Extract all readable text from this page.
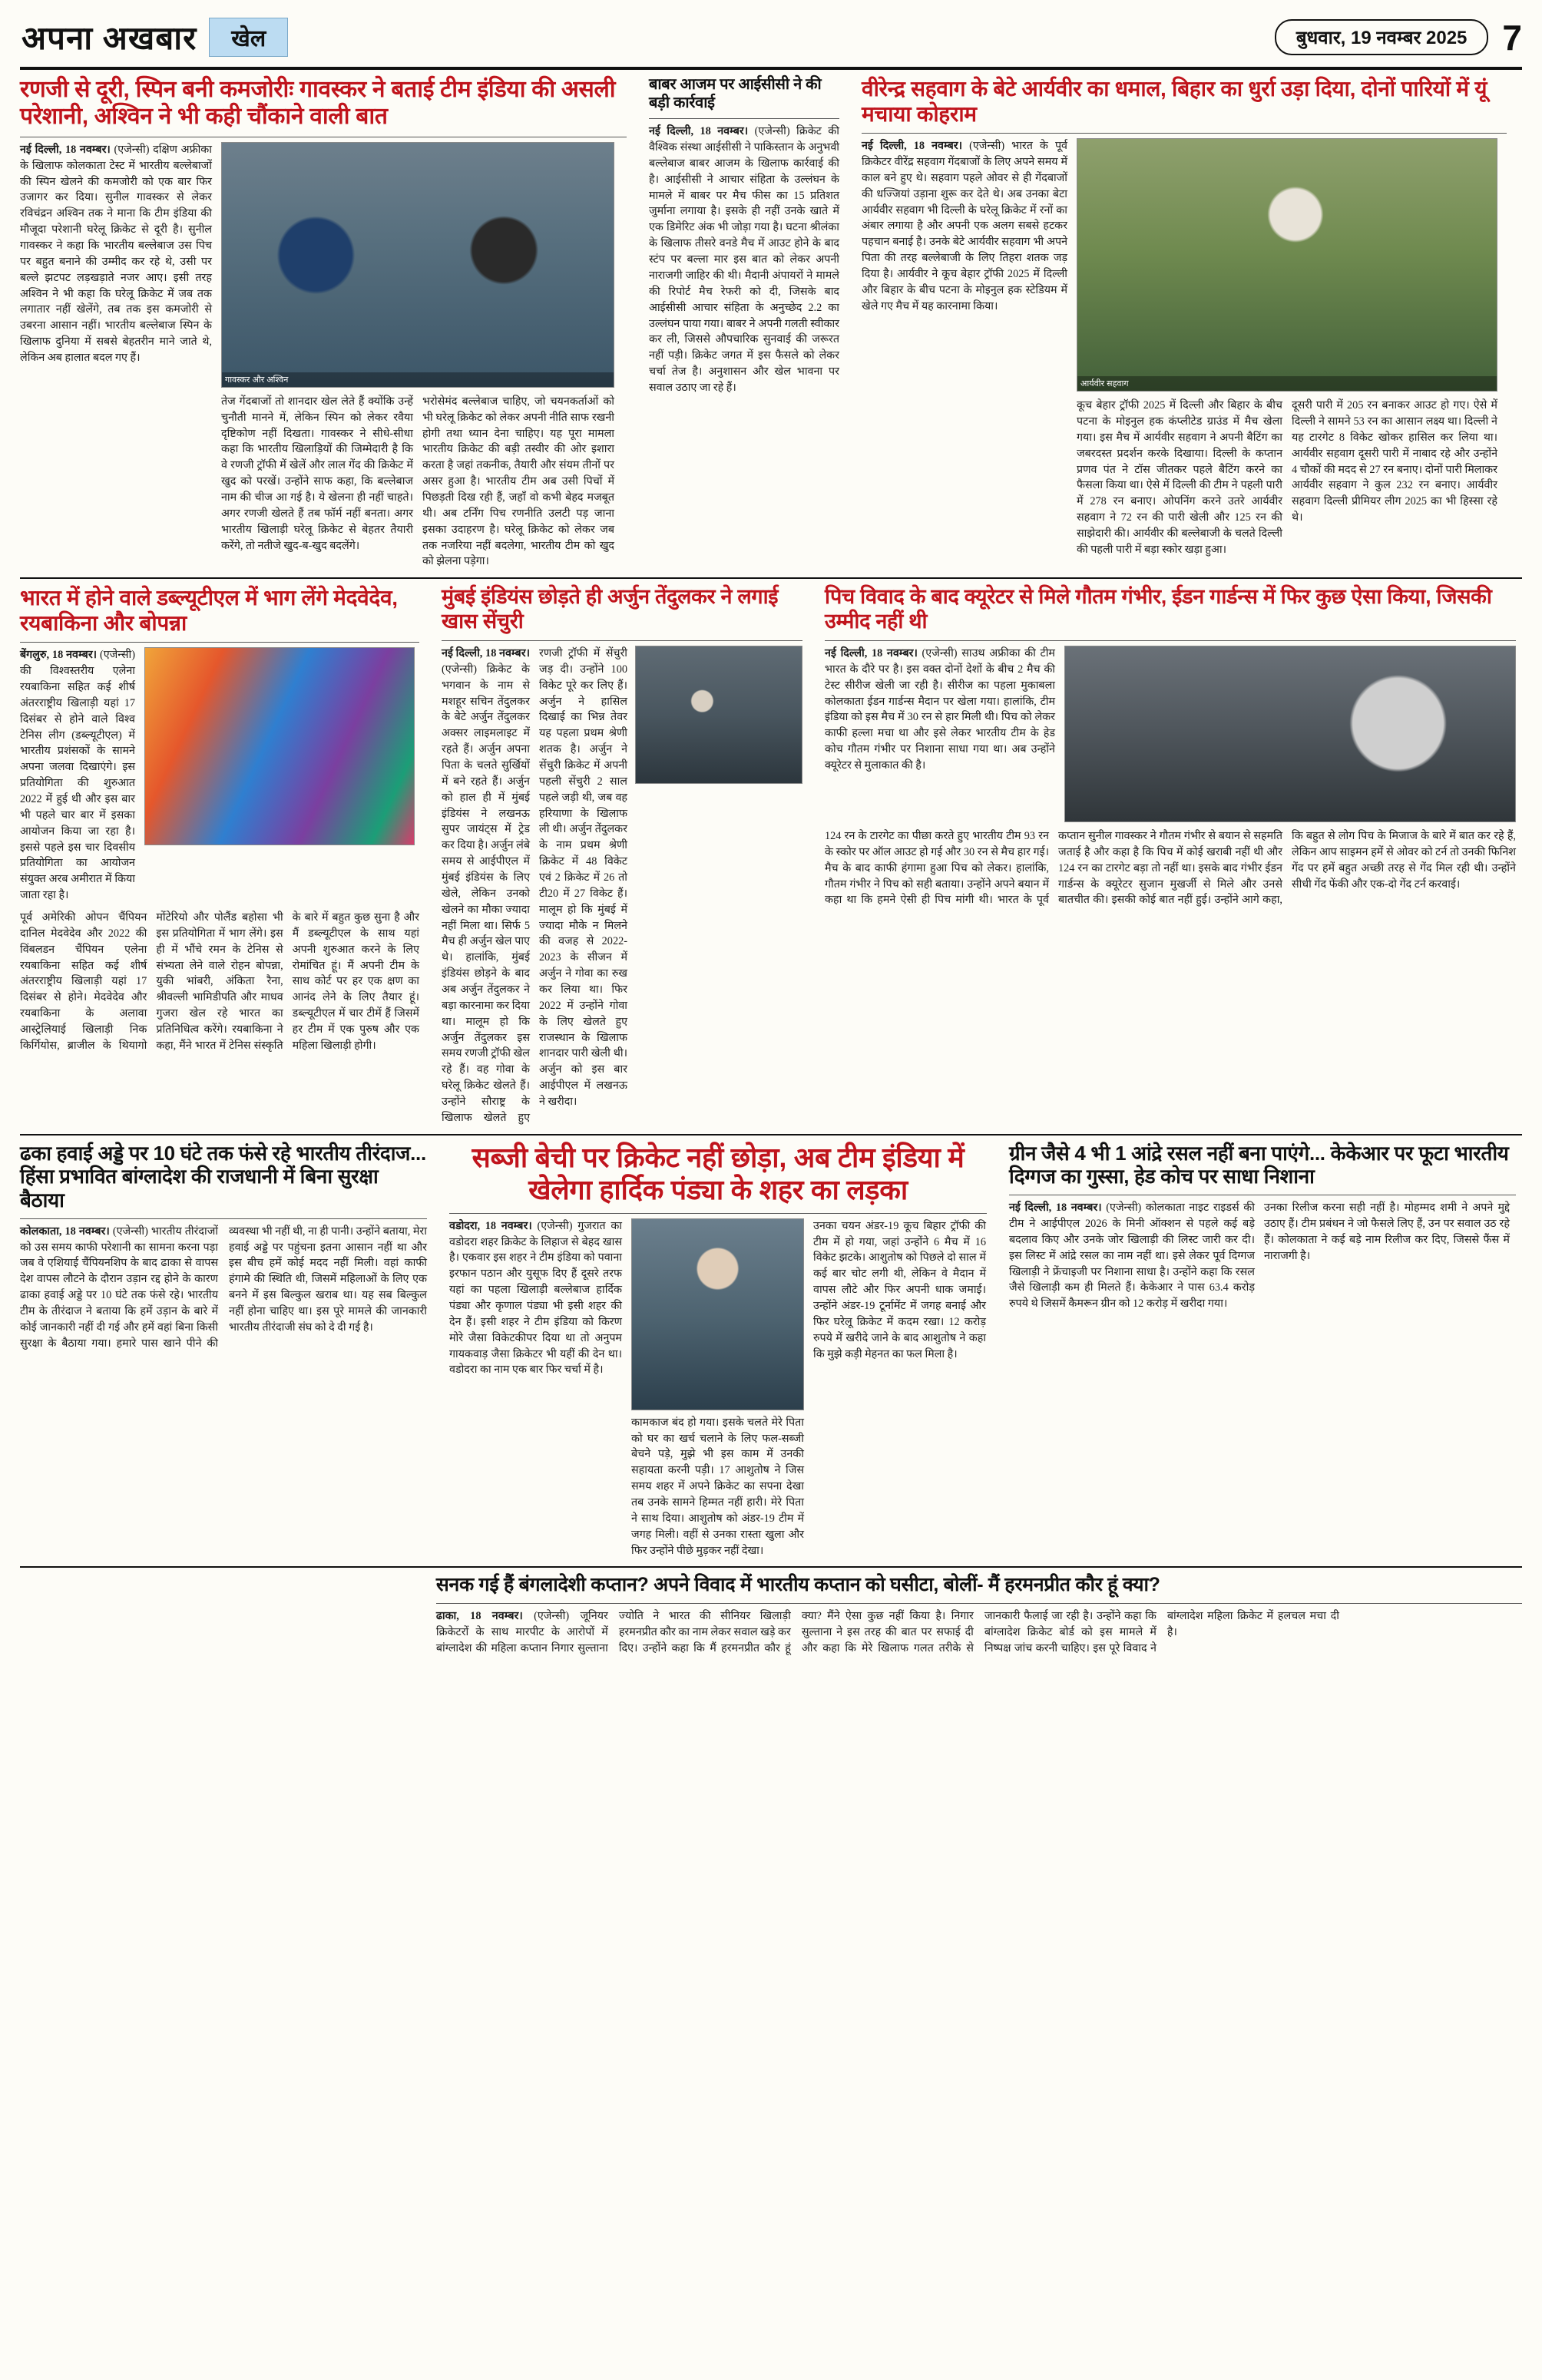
अपना अखबार	खेल	बुधवार, 19 नवम्बर 2025	7
रणजी से दूरी, स्पिन बनी कमजोरीः गावस्कर ने बताई टीम इंडिया की असली परेशानी, अश्विन ने भी कही चौंकाने वाली बात
नई दिल्ली, 18 नवम्बर। (एजेन्सी) दक्षिण अफ्रीका के खिलाफ कोलकाता टेस्ट में भारतीय बल्लेबाजों की स्पिन खेलने की कमजोरी को एक बार फिर उजागर कर दिया। सुनील गावस्कर से लेकर रविचंद्रन अश्विन तक ने माना कि टीम इंडिया की मौजूदा परेशानी घरेलू क्रिकेट से दूरी है। सुनील गावस्कर ने कहा कि भारतीय बल्लेबाज उस पिच पर बहुत बनाने की उम्मीद कर रहे थे, उसी पर बल्ले झटपट लड़खड़ाते नजर आए। इसी तरह अश्विन ने भी कहा कि घरेलू क्रिकेट में जब तक लगातार नहीं खेलेंगे, तब तक इस कमजोरी से उबरना आसान नहीं। भारतीय बल्लेबाज स्पिन के खिलाफ दुनिया में सबसे बेहतरीन माने जाते थे, लेकिन अब हालात बदल गए हैं।
गावस्कर और अश्विन
तेज गेंदबाजों तो शानदार खेल लेते हैं क्योंकि उन्हें चुनौती मानने में, लेकिन स्पिन को लेकर रवैया दृष्टिकोण नहीं दिखता। गावस्कर ने सीधे-सीधा कहा कि भारतीय खिलाड़ियों की जिम्मेदारी है कि वे रणजी ट्रॉफी में खेलें और लाल गेंद की क्रिकेट में खुद को परखें। उन्होंने साफ कहा, कि बल्लेबाज नाम की चीज आ गई है। ये खेलना ही नहीं चाहते। अगर रणजी खेलते हैं तब फॉर्म नहीं बनता। अगर भारतीय खिलाड़ी घरेलू क्रिकेट से बेहतर तैयारी करेंगे, तो नतीजे खुद-ब-खुद बदलेंगे।
भरोसेमंद बल्लेबाज चाहिए, जो चयनकर्ताओं को भी घरेलू क्रिकेट को लेकर अपनी नीति साफ रखनी होगी तथा ध्यान देना चाहिए। यह पूरा मामला भारतीय क्रिकेट की बड़ी तस्वीर की ओर इशारा करता है जहां तकनीक, तैयारी और संयम तीनों पर असर हुआ है। भारतीय टीम अब उसी पिचों में पिछड़ती दिख रही हैं, जहाँ वो कभी बेहद मजबूत थी। अब टर्निंग पिच रणनीति उलटी पड़ जाना इसका उदाहरण है। घरेलू क्रिकेट को लेकर जब तक नजरिया नहीं बदलेगा, भारतीय टीम को खुद को झेलना पड़ेगा।
बाबर आजम पर आईसीसी ने की बड़ी कार्रवाई
नई दिल्ली, 18 नवम्बर। (एजेन्सी) क्रिकेट की वैश्विक संस्था आईसीसी ने पाकिस्तान के अनुभवी बल्लेबाज बाबर आजम के खिलाफ कार्रवाई की है। आईसीसी ने आचार संहिता के उल्लंघन के मामले में बाबर पर मैच फीस का 15 प्रतिशत जुर्माना लगाया है। इसके ही नहीं उनके खाते में एक डिमेरिट अंक भी जोड़ा गया है। घटना श्रीलंका के खिलाफ तीसरे वनडे मैच में आउट होने के बाद स्टंप पर बल्ला मार इस बात को लेकर अपनी नाराजगी जाहिर की थी। मैदानी अंपायरों ने मामले की रिपोर्ट मैच रेफरी को दी, जिसके बाद आईसीसी आचार संहिता के अनुच्छेद 2.2 का उल्लंघन पाया गया। बाबर ने अपनी गलती स्वीकार कर ली, जिससे औपचारिक सुनवाई की जरूरत नहीं पड़ी। क्रिकेट जगत में इस फैसले को लेकर चर्चा तेज है। अनुशासन और खेल भावना पर सवाल उठाए जा रहे हैं।
वीरेन्द्र सहवाग के बेटे आर्यवीर का धमाल, बिहार का धुर्रा उड़ा दिया, दोनों पारियों में यूं मचाया कोहराम
नई दिल्ली, 18 नवम्बर। (एजेन्सी) भारत के पूर्व क्रिकेटर वीरेंद्र सहवाग गेंदबाजों के लिए अपने समय में काल बने हुए थे। सहवाग पहले ओवर से ही गेंदबाजों की धज्जियां उड़ाना शुरू कर देते थे। अब उनका बेटा आर्यवीर सहवाग भी दिल्ली के घरेलू क्रिकेट में रनों का अंबार लगाया है और अपनी एक अलग सबसे हटकर पहचान बनाई है। उनके बेटे आर्यवीर सहवाग भी अपने पिता की तरह बल्लेबाजी के लिए तिहरा शतक जड़ दिया है। आर्यवीर ने कूच बेहार ट्रॉफी 2025 में दिल्ली और बिहार के बीच पटना के मोइनुल हक स्टेडियम में खेले गए मैच में यह कारनामा किया।
आर्यवीर सहवाग
कूच बेहार ट्रॉफी 2025 में दिल्ली और बिहार के बीच पटना के मोइनुल हक कंप्लीटेड ग्राउंड में मैच खेला गया। इस मैच में आर्यवीर सहवाग ने अपनी बैटिंग का जबरदस्त प्रदर्शन करके दिखाया। दिल्ली के कप्तान प्रणव पंत ने टॉस जीतकर पहले बैटिंग करने का फैसला किया था। ऐसे में दिल्ली की टीम ने पहली पारी में 278 रन बनाए। ओपनिंग करने उतरे आर्यवीर सहवाग ने 72 रन की पारी खेली और 125 रन की साझेदारी की। आर्यवीर की बल्लेबाजी के चलते दिल्ली की पहली पारी में बड़ा स्कोर खड़ा हुआ।
दूसरी पारी में 205 रन बनाकर आउट हो गए। ऐसे में दिल्ली ने सामने 53 रन का आसान लक्ष्य था। दिल्ली ने यह टारगेट 8 विकेट खोकर हासिल कर लिया था। आर्यवीर सहवाग दूसरी पारी में नाबाद रहे और उन्होंने 4 चौकों की मदद से 27 रन बनाए। दोनों पारी मिलाकर आर्यवीर सहवाग ने कुल 232 रन बनाए। आर्यवीर सहवाग दिल्ली प्रीमियर लीग 2025 का भी हिस्सा रहे थे।
भारत में होने वाले डब्ल्यूटीएल में भाग लेंगे मेदवेदेव, रयबाकिना और बोपन्ना
बेंगलुरु, 18 नवम्बर। (एजेन्सी) की विश्वस्तरीय एलेना रयबाकिना सहित कई शीर्ष अंतरराष्ट्रीय खिलाड़ी यहां 17 दिसंबर से होने वाले विश्व टेनिस लीग (डब्ल्यूटीएल) में भारतीय प्रशंसकों के सामने अपना जलवा दिखाएंगे। इस प्रतियोगिता की शुरुआत 2022 में हुई थी और इस बार भी पहले चार बार में इसका आयोजन किया जा रहा है। इससे पहले इस चार दिवसीय प्रतियोगिता का आयोजन संयुक्त अरब अमीरात में किया जाता रहा है।
पूर्व अमेरिकी ओपन चैंपियन दानिल मेदवेदेव और 2022 की विंबलडन चैंपियन एलेना रयबाकिना सहित कई शीर्ष अंतरराष्ट्रीय खिलाड़ी यहां 17 दिसंबर से होने। मेदवेदेव और रयबाकिना के अलावा आस्ट्रेलियाई खिलाड़ी निक किर्गियोस, ब्राजील के थियागो मोंटेरियो और पोलैंड बहोसा भी इस प्रतियोगिता में भाग लेंगे। इस ही में भौंचे रमन के टेनिस से संभ्यता लेने वाले रोहन बोपन्ना, युकी भांबरी, अंकिता रैना, श्रीवल्ली भामिडीपति और माधव गुजरा खेल रहे भारत का प्रतिनिधित्व करेंगे। रयबाकिना ने कहा, मैंने भारत में टेनिस संस्कृति के बारे में बहुत कुछ सुना है और मैं डब्ल्यूटीएल के साथ यहां अपनी शुरुआत करने के लिए रोमांचित हूं। मैं अपनी टीम के साथ कोर्ट पर हर एक क्षण का आनंद लेने के लिए तैयार हूं। डब्ल्यूटीएल में चार टीमें हैं जिसमें हर टीम में एक पुरुष और एक महिला खिलाड़ी होगी।
मुंबई इंडियंस छोड़ते ही अर्जुन तेंदुलकर ने लगाई खास सेंचुरी
नई दिल्ली, 18 नवम्बर। (एजेन्सी) क्रिकेट के भगवान के नाम से मशहूर सचिन तेंदुलकर के बेटे अर्जुन तेंदुलकर अक्सर लाइमलाइट में रहते हैं। अर्जुन अपना पिता के चलते सुर्खियों में बने रहते हैं। अर्जुन को हाल ही में मुंबई इंडियंस ने लखनऊ सुपर जायंट्स में ट्रेड कर दिया है। अर्जुन लंबे समय से आईपीएल में मुंबई इंडियंस के लिए खेले, लेकिन उनको खेलने का मौका ज्यादा नहीं मिला था। सिर्फ 5 मैच ही अर्जुन खेल पाए थे। हालांकि, मुंबई इंडियंस छोड़ने के बाद अब अर्जुन तेंदुलकर ने बड़ा कारनामा कर दिया था। मालूम हो कि अर्जुन तेंदुलकर इस समय रणजी ट्रॉफी खेल रहे हैं। वह गोवा के घरेलू क्रिकेट खेलते हैं। उन्होंने सौराष्ट्र के खिलाफ खेलते हुए रणजी ट्रॉफी में सेंचुरी जड़ दी। उन्होंने 100 विकेट पूरे कर लिए हैं। अर्जुन ने हासिल दिखाई का भिन्न तेवर यह पहला प्रथम श्रेणी शतक है। अर्जुन ने सेंचुरी क्रिकेट में अपनी पहली सेंचुरी 2 साल पहले जड़ी थी, जब वह हरियाणा के खिलाफ ली थी। अर्जुन तेंदुलकर के नाम प्रथम श्रेणी क्रिकेट में 48 विकेट एवं 2 क्रिकेट में 26 तो टी20 में 27 विकेट हैं। मालूम हो कि मुंबई में ज्यादा मौके न मिलने की वजह से 2022-2023 के सीजन में अर्जुन ने गोवा का रुख कर लिया था। फिर 2022 में उन्होंने गोवा के लिए खेलते हुए राजस्थान के खिलाफ शानदार पारी खेली थी। अर्जुन को इस बार आईपीएल में लखनऊ ने खरीदा।
पिच विवाद के बाद क्यूरेटर से मिले गौतम गंभीर, ईडन गार्डन्स में फिर कुछ ऐसा किया, जिसकी उम्मीद नहीं थी
नई दिल्ली, 18 नवम्बर। (एजेन्सी) साउथ अफ्रीका की टीम भारत के दौरे पर है। इस वक्त दोनों देशों के बीच 2 मैच की टेस्ट सीरीज खेली जा रही है। सीरीज का पहला मुकाबला कोलकाता ईडन गार्डन्स मैदान पर खेला गया। हालांकि, टीम इंडिया को इस मैच में 30 रन से हार मिली थी। पिच को लेकर काफी हल्ला मचा था और इसे लेकर भारतीय टीम के हेड कोच गौतम गंभीर पर निशाना साधा गया था। अब उन्होंने क्यूरेटर से मुलाकात की है।
124 रन के टारगेट का पीछा करते हुए भारतीय टीम 93 रन के स्कोर पर ऑल आउट हो गई और 30 रन से मैच हार गई। मैच के बाद काफी हंगामा हुआ पिच को लेकर। हालांकि, गौतम गंभीर ने पिच को सही बताया। उन्होंने अपने बयान में कहा था कि हमने ऐसी ही पिच मांगी थी। भारत के पूर्व कप्तान सुनील गावस्कर ने गौतम गंभीर से बयान से सहमति जताई है और कहा है कि पिच में कोई खराबी नहीं थी और 124 रन का टारगेट बड़ा तो नहीं था। इसके बाद गंभीर ईडन गार्डन्स के क्यूरेटर सुजान मुखर्जी से मिले और उनसे बातचीत की। इसकी कोई बात नहीं हुई। उन्होंने आगे कहा, कि बहुत से लोग पिच के मिजाज के बारे में बात कर रहे हैं, लेकिन आप साइमन हमें से ओवर को टर्न तो उनकी फिनिश गेंद पर हमें बहुत अच्छी तरह से गेंद मिल रही थी। उन्होंने सीधी गेंद फेंकी और एक-दो गेंद टर्न करवाई।
ढका हवाई अड्डे पर 10 घंटे तक फंसे रहे भारतीय तीरंदाज... हिंसा प्रभावित बांग्लादेश की राजधानी में बिना सुरक्षा बैठाया
कोलकाता, 18 नवम्बर। (एजेन्सी) भारतीय तीरंदाजों को उस समय काफी परेशानी का सामना करना पड़ा जब वे एशियाई चैंपियनशिप के बाद ढाका से वापस देश वापस लौटने के दौरान उड़ान रद्द होने के कारण ढाका हवाई अड्डे पर 10 घंटे तक फंसे रहे। भारतीय टीम के तीरंदाज ने बताया कि हमें उड़ान के बारे में कोई जानकारी नहीं दी गई और हमें वहां बिना किसी सुरक्षा के बैठाया गया। हमारे पास खाने पीने की व्यवस्था भी नहीं थी, ना ही पानी। उन्होंने बताया, मेरा हवाई अड्डे पर पहुंचना इतना आसान नहीं था और इस बीच हमें कोई मदद नहीं मिली। वहां काफी हंगामे की स्थिति थी, जिसमें महिलाओं के लिए एक बनने में इस बिल्कुल खराब था। यह सब बिल्कुल नहीं होना चाहिए था। इस पूरे मामले की जानकारी भारतीय तीरंदाजी संघ को दे दी गई है।
सब्जी बेची पर क्रिकेट नहीं छोड़ा, अब टीम इंडिया में खेलेगा हार्दिक पंड्या के शहर का लड़का
वडोदरा, 18 नवम्बर। (एजेन्सी) गुजरात का वडोदरा शहर क्रिकेट के लिहाज से बेहद खास है। एकवार इस शहर ने टीम इंडिया को पवाना इरफान पठान और युसूफ दिए हैं दूसरे तरफ यहां का पहला खिलाड़ी बल्लेबाज हार्दिक पंड्या और कृणाल पंड्या भी इसी शहर की देन हैं। इसी शहर ने टीम इंडिया को किरण मोरे जैसा विकेटकीपर दिया था तो अनुपम गायकवाड़ जैसा क्रिकेटर भी यहीं की देन था। वडोदरा का नाम एक बार फिर चर्चा में है।
कामकाज बंद हो गया। इसके चलते मेरे पिता को घर का खर्च चलाने के लिए फल-सब्जी बेचने पड़े, मुझे भी इस काम में उनकी सहायता करनी पड़ी। 17 आशुतोष ने जिस समय शहर में अपने क्रिकेट का सपना देखा तब उनके सामने हिम्मत नहीं हारी। मेरे पिता ने साथ दिया। आशुतोष को अंडर-19 टीम में जगह मिली। वहीं से उनका रास्ता खुला और फिर उन्होंने पीछे मुड़कर नहीं देखा।
उनका चयन अंडर-19 कूच बिहार ट्रॉफी की टीम में हो गया, जहां उन्होंने 6 मैच में 16 विकेट झटके। आशुतोष को पिछले दो साल में कई बार चोट लगी थी, लेकिन वे मैदान में वापस लौटे और फिर अपनी धाक जमाई। उन्होंने अंडर-19 टूर्नामेंट में जगह बनाई और फिर घरेलू क्रिकेट में कदम रखा। 12 करोड़ रुपये में खरीदे जाने के बाद आशुतोष ने कहा कि मुझे कड़ी मेहनत का फल मिला है।
ग्रीन जैसे 4 भी 1 आंद्रे रसल नहीं बना पाएंगे... केकेआर पर फूटा भारतीय दिग्गज का गुस्सा, हेड कोच पर साधा निशाना
नई दिल्ली, 18 नवम्बर। (एजेन्सी) कोलकाता नाइट राइडर्स की टीम ने आईपीएल 2026 के मिनी ऑक्शन से पहले कई बड़े बदलाव किए और उनके जोर खिलाड़ी की लिस्ट जारी कर दी। इस लिस्ट में आंद्रे रसल का नाम नहीं था। इसे लेकर पूर्व दिग्गज खिलाड़ी ने फ्रेंचाइजी पर निशाना साधा है। उन्होंने कहा कि रसल जैसे खिलाड़ी कम ही मिलते हैं। केकेआर ने पास 63.4 करोड़ रुपये थे जिसमें कैमरून ग्रीन को 12 करोड़ में खरीदा गया।
उनका रिलीज करना सही नहीं है। मोहम्मद शमी ने अपने मुद्दे उठाए हैं। टीम प्रबंधन ने जो फैसले लिए हैं, उन पर सवाल उठ रहे हैं। कोलकाता ने कई बड़े नाम रिलीज कर दिए, जिससे फैंस में नाराजगी है।
सनक गई हैं बंगलादेशी कप्तान? अपने विवाद में भारतीय कप्तान को घसीटा, बोलीं- मैं हरमनप्रीत कौर हूं क्या?
ढाका, 18 नवम्बर। (एजेन्सी) जूनियर क्रिकेटरों के साथ मारपीट के आरोपों में बांग्लादेश की महिला कप्तान निगार सुल्ताना ज्योति ने भारत की सीनियर खिलाड़ी हरमनप्रीत कौर का नाम लेकर सवाल खड़े कर दिए। उन्होंने कहा कि मैं हरमनप्रीत कौर हूं क्या? मैंने ऐसा कुछ नहीं किया है। निगार सुल्ताना ने इस तरह की बात पर सफाई दी और कहा कि मेरे खिलाफ गलत तरीके से जानकारी फैलाई जा रही है। उन्होंने कहा कि बांग्लादेश क्रिकेट बोर्ड को इस मामले में निष्पक्ष जांच करनी चाहिए। इस पूरे विवाद ने बांग्लादेश महिला क्रिकेट में हलचल मचा दी है।
